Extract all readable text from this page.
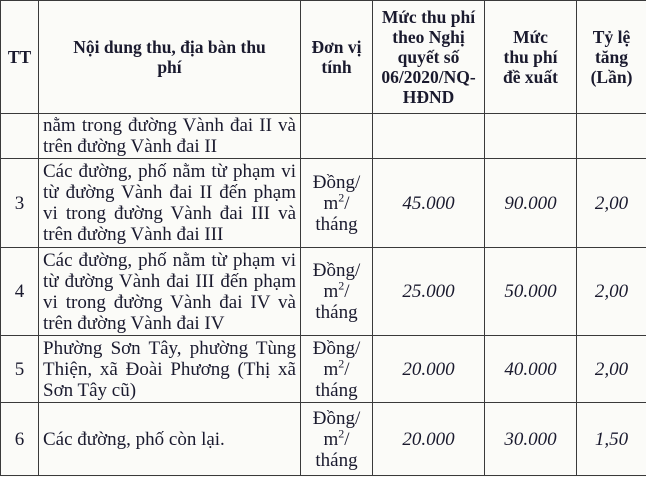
TT	Nội dung thu, địa bàn thu phí	Đơn vị tính	Mức thu phí theo Nghị quyết số 06/2020/NQ-HĐND	Mức thu phí đề xuất	Tỷ lệ tăng (Lần)
	nằm trong đường Vành đai II và trên đường Vành đai II				
3	Các đường, phố nằm từ phạm vi từ đường Vành đai II đến phạm vi trong đường Vành đai III và trên đường Vành đai III	Đồng/
$m^2/$
tháng	45.000	90.000	2,00
4	Các đường, phố nằm từ phạm vi từ đường Vành đai III đến phạm vi trong đường Vành đai IV và trên đường Vành đai IV	Đồng/
$m^2/$
tháng	25.000	50.000	2,00
5	Phường Sơn Tây, phường Tùng Thiện, xã Đoài Phương (Thị xã Sơn Tây cũ)	Đồng/
$m^2/$
tháng	20.000	40.000	2,00
6	Các đường, phố còn lại.	Đồng/
$m^2/$
tháng	20.000	30.000	1,50
